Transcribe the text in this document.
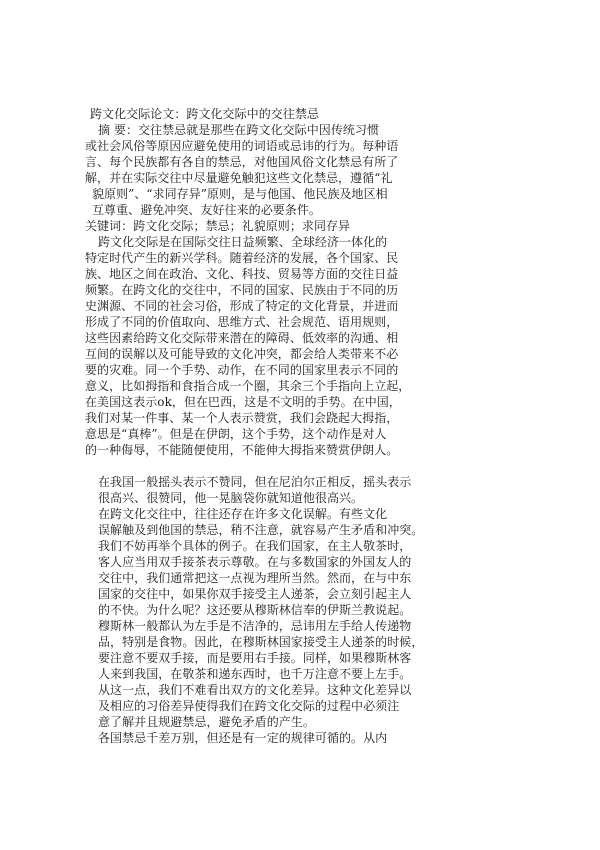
跨文化交际论文：跨文化交际中的交往禁忌
摘 要：交往禁忌就是那些在跨文化交际中因传统习惯
或社会风俗等原因应避免使用的词语或忌讳的行为。每种语
言、每个民族都有各自的禁忌，对他国风俗文化禁忌有所了
解，并在实际交往中尽量避免触犯这些文化禁忌，遵循“礼
貌原则”、“求同存异”原则，是与他国、他民族及地区相
互尊重、避免冲突、友好往来的必要条件。
关键词：跨文化交际；禁忌；礼貌原则；求同存异
跨文化交际是在国际交往日益频繁、全球经济一体化的
特定时代产生的新兴学科。随着经济的发展，各个国家、民
族、地区之间在政治、文化、科技、贸易等方面的交往日益
频繁。在跨文化的交往中，不同的国家、民族由于不同的历
史渊源、不同的社会习俗，形成了特定的文化背景，并进而
形成了不同的价值取向、思维方式、社会规范、语用规则，
这些因素给跨文化交际带来潜在的障碍、低效率的沟通、相
互间的误解以及可能导致的文化冲突，都会给人类带来不必
要的灾难。同一个手势、动作，在不同的国家里表示不同的
意义，比如拇指和食指合成一个圈，其余三个手指向上立起，
在美国这表示ok，但在巴西，这是不文明的手势。在中国，
我们对某一件事、某一个人表示赞赏，我们会跷起大拇指，
意思是“真棒”。但是在伊朗，这个手势，这个动作是对人
的一种侮辱，不能随便使用，不能伸大拇指来赞赏伊朗人。
在我国一般摇头表示不赞同，但在尼泊尔正相反，摇头表示
很高兴、很赞同，他一晃脑袋你就知道他很高兴。
在跨文化交往中，往往还存在许多文化误解。有些文化
误解触及到他国的禁忌，稍不注意，就容易产生矛盾和冲突。
我们不妨再举个具体的例子。在我们国家，在主人敬茶时，
客人应当用双手接茶表示尊敬。在与多数国家的外国友人的
交往中，我们通常把这一点视为理所当然。然而，在与中东
国家的交往中，如果你双手接受主人递茶，会立刻引起主人
的不快。为什么呢？这还要从穆斯林信奉的伊斯兰教说起。
穆斯林一般都认为左手是不洁净的，忌讳用左手给人传递物
品，特别是食物。因此，在穆斯林国家接受主人递茶的时候，
要注意不要双手接，而是要用右手接。同样，如果穆斯林客
人来到我国，在敬茶和递东西时，也千万注意不要上左手。
从这一点，我们不难看出双方的文化差异。这种文化差异以
及相应的习俗差异使得我们在跨文化交际的过程中必须注
意了解并且规避禁忌，避免矛盾的产生。
各国禁忌千差万别，但还是有一定的规律可循的。从内
